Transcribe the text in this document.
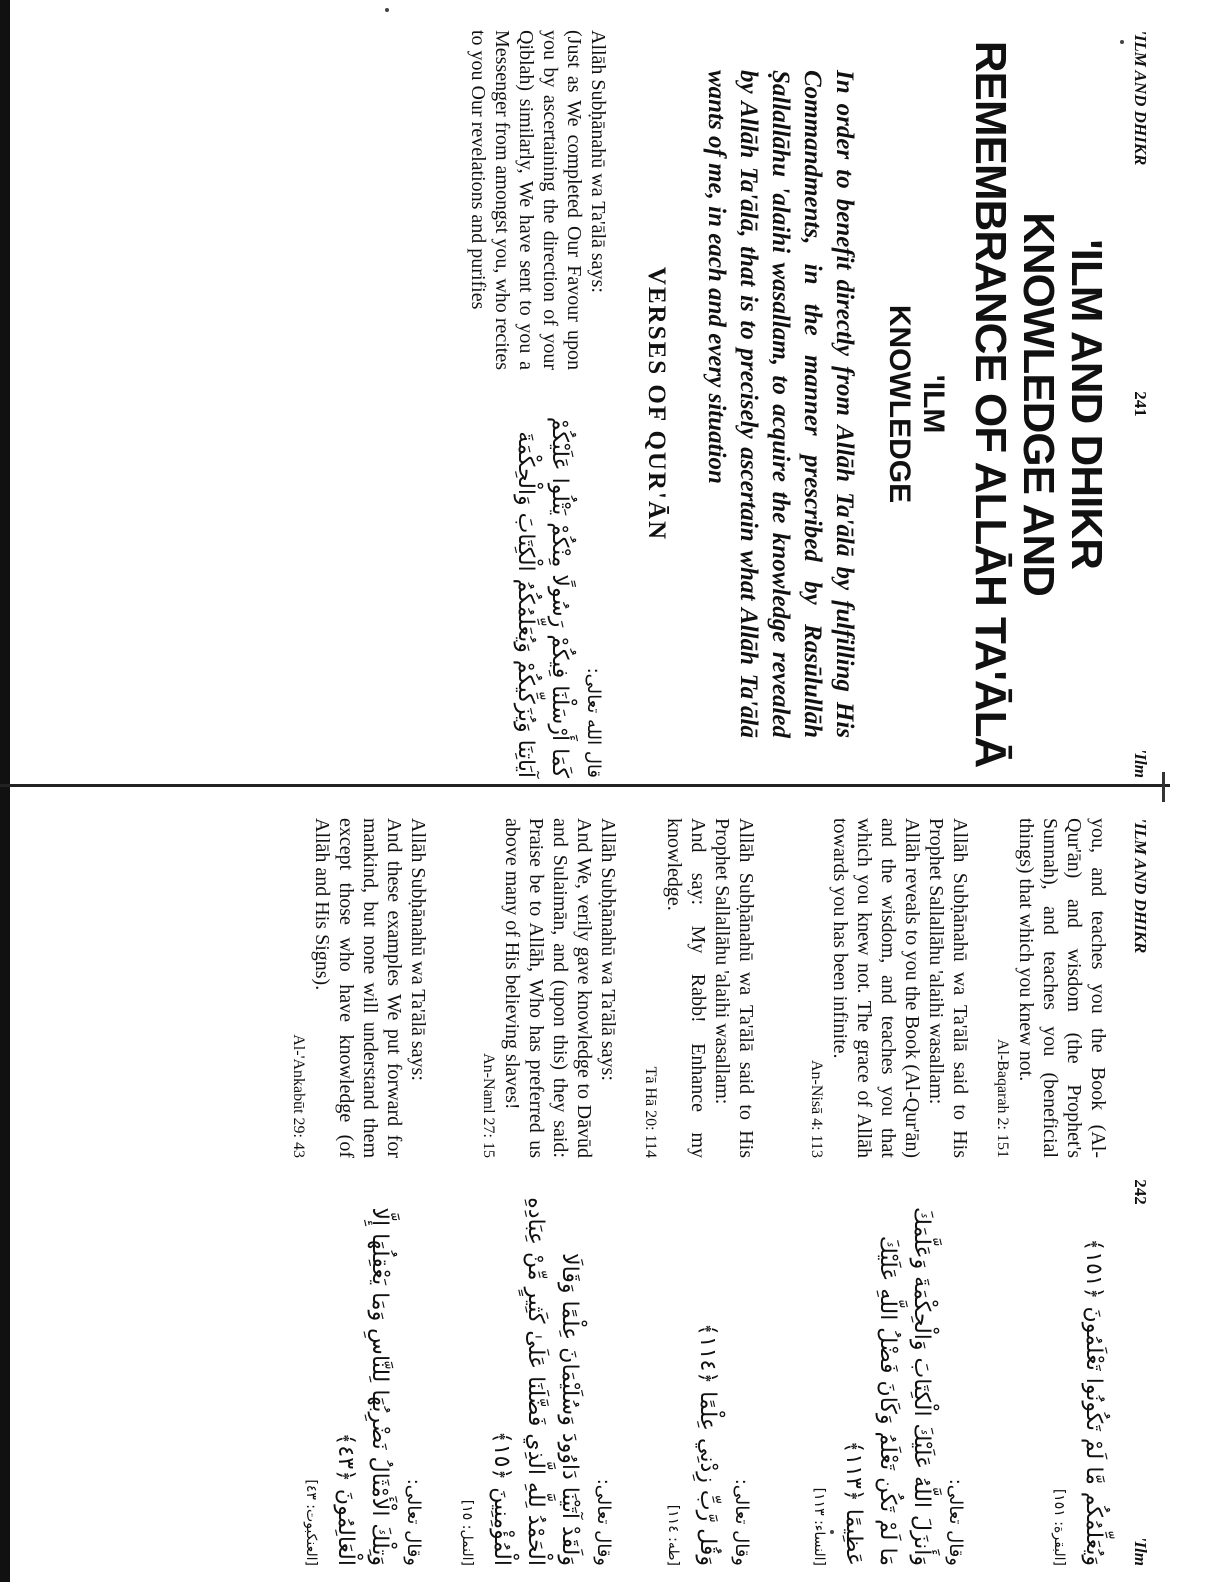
'ILM AND DHIKR
241
'Ilm
'ILM AND DHIKR
KNOWLEDGE AND
REMEMBRANCE OF ALLĀH TA'ĀLĀ
'ILM
KNOWLEDGE
In order to benefit directly from Allāh Ta'ālā by fulfilling His Commandments, in the manner prescribed by Rasūlullāh Ṣallallāhu 'alaihi wasallam, to acquire the knowledge revealed by Allāh Ta'ālā, that is to precisely ascertain what Allāh Ta'ālā wants of me, in each and every situation
VERSES OF QUR'ĀN
Allāh Subḥānahū wa Ta'ālā says:
(Just as We completed Our Favour upon you by ascertaining the direction of your Qiblah) similarly, We have sent to you a Messenger from amongst you, who recites to you Our revelations and purifies
قال الله تعالى:
كَمَا أَرْسَلْنَا فِيكُمْ رَسُولًا مِنْكُمْ يَتْلُوا عَلَيْكُمْ آيَاتِنَا وَيُزَكِّيكُمْ وَيُعَلِّمُكُمُ الْكِتَابَ وَالْحِكْمَةَ
'ILM AND DHIKR
242
'Ilm
you, and teaches you the Book (Al-Qur'ān) and wisdom (the Prophet's Sunnah), and teaches you (beneficial things) that which you knew not.
Al-Baqarah 2: 151
وَيُعَلِّمُكُم مَّا لَمْ تَكُونُوا تَعْلَمُونَ ﴿١٥١﴾
[البقرة: ١٥١]
Allāh Subḥānahū wa Ta'ālā said to His Prophet Sallallāhu 'alaihi wasallam:
Allāh reveals to you the Book (Al-Qur'ān) and the wisdom, and teaches you that which you knew not. The grace of Allāh towards you has been infinite.
An-Nisā 4: 113
وقال تعالى:
وَأَنزَلَ اللَّهُ عَلَيْكَ الْكِتَابَ وَالْحِكْمَةَ وَعَلَّمَكَ مَا لَمْ تَكُن تَعْلَمُ وَكَانَ فَضْلُ اللَّهِ عَلَيْكَ عَظِيمًا ﴿١١٣﴾
[النساء: ١١٣]
Allāh Subḥānahū wa Ta'ālā said to His Prophet Sallallāhu 'alaihi wasallam:
And say: My Rabb! Enhance my knowledge.
Tā Hā 20: 114
وقال تعالى:
وَقُل رَّبِّ زِدْنِي عِلْمًا ﴿١١٤﴾
[طه: ١١٤]
Allāh Subḥānahū wa Ta'ālā says:
And We, verily gave knowledge to Dāvūd and Sulaimān, and (upon this) they said: Praise be to Allāh, Who has preferred us above many of His believing slaves!
An-Naml 27: 15
وقال تعالى:
وَلَقَدْ آتَيْنَا دَاوُودَ وَسُلَيْمَانَ عِلْمًا وَقَالَا الْحَمْدُ لِلَّهِ الَّذِي فَضَّلَنَا عَلَىٰ كَثِيرٍ مِّنْ عِبَادِهِ الْمُؤْمِنِينَ ﴿١٥﴾
[النمل: ١٥]
Allāh Subḥānahū wa Ta'ālā says:
And these examples We put forward for mankind, but none will understand them except those who have knowledge (of Allāh and His Signs).
Al-'Ankabūt 29: 43
وقال تعالى:
وَتِلْكَ الْأَمْثَالُ نَضْرِبُهَا لِلنَّاسِ وَمَا يَعْقِلُهَا إِلَّا الْعَالِمُونَ ﴿٤٣﴾
[العنكبوت: ٤٣]
